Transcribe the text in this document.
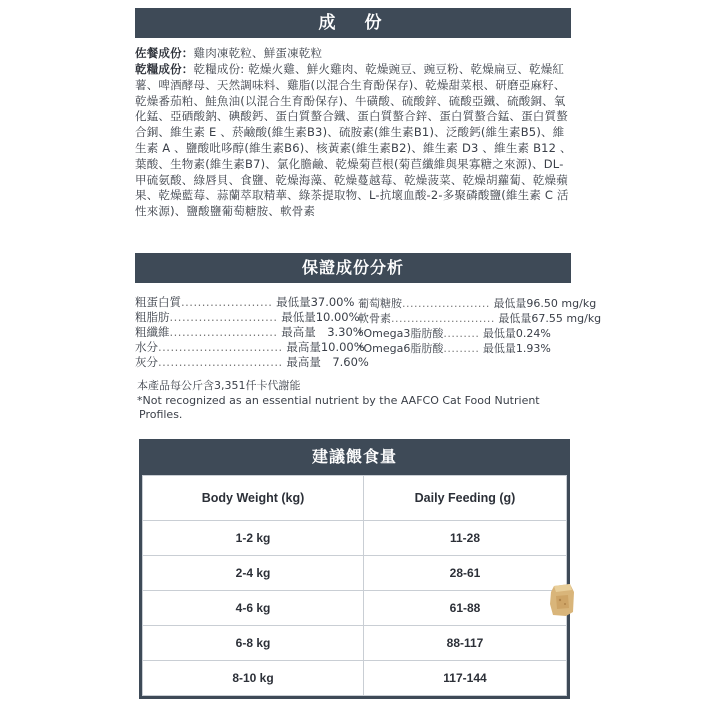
成　份
佐餐成份：雞肉凍乾粒、鮮蛋凍乾粒
乾糧成份：乾糧成份: 乾燥火雞、鮮火雞肉、乾燥豌豆、豌豆粉、乾燥扁豆、乾燥紅薯、啤酒酵母、天然調味料、雞脂(以混合生育酚保存)、乾燥甜菜根、研磨亞麻籽、乾燥番茄粕、鮭魚油(以混合生育酚保存)、牛磺酸、硫酸鋅、硫酸亞鐵、硫酸銅、氧化錳、亞硒酸鈉、碘酸鈣、蛋白質螯合鐵、蛋白質螯合鋅、蛋白質螯合錳、蛋白質螯合銅、維生素 E 、菸鹼酸(維生素B3)、硫胺素(維生素B1)、泛酸鈣(維生素B5)、維生素 A 、鹽酸吡哆醇(維生素B6)、核黃素(維生素B2)、維生素 D3 、維生素 B12 、葉酸、生物素(維生素B7)、氯化膽鹼、乾燥菊苣根(菊苣纖維與果寡糖之來源)、DL-甲硫氨酸、綠唇貝、食鹽、乾燥海藻、乾燥蔓越莓、乾燥菠菜、乾燥胡蘿蔔、乾燥蘋果、乾燥藍莓、蒜蘭萃取精華、綠茶提取物、L-抗壞血酸-2-多聚磷酸鹽(維生素 C 活性來源)、鹽酸鹽葡萄糖胺、軟骨素
保證成份分析
粗蛋白質...................... 最低量37.00%
粗脂肪.......................... 最低量10.00%
粗纖維.......................... 最高量　3.30%
水分.............................. 最高量10.00%
灰分.............................. 最高量　7.60%
葡萄糖胺...................... 最低量96.50 mg/kg
軟骨素.......................... 最低量67.55 mg/kg
*Omega3脂肪酸......... 最低量0.24%
*Omega6脂肪酸......... 最低量1.93%
本產品每公斤含3,351仟卡代謝能
*Not recognized as an essential nutrient by the AAFCO Cat Food Nutrient
Profiles.
建議餵食量
Body Weight (kg)	Daily Feeding (g)
1-2 kg	11-28
2-4 kg	28-61
4-6 kg	61-88
6-8 kg	88-117
8-10 kg	117-144
